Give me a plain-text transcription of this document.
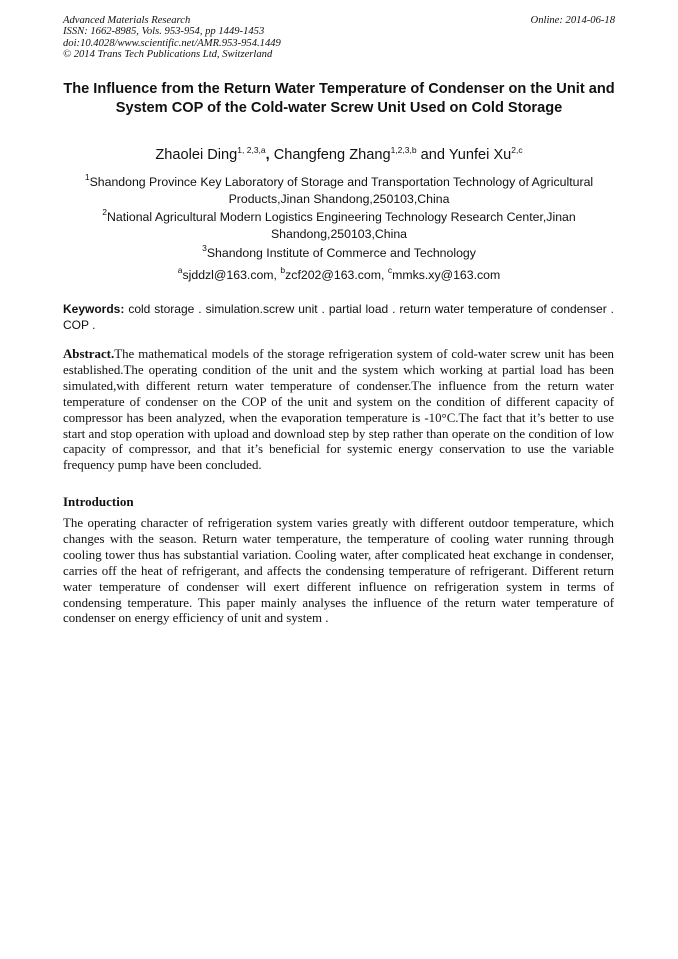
Advanced Materials Research
ISSN: 1662-8985, Vols. 953-954, pp 1449-1453
doi:10.4028/www.scientific.net/AMR.953-954.1449
© 2014 Trans Tech Publications Ltd, Switzerland
Online: 2014-06-18
The Influence from the Return Water Temperature of Condenser on the Unit and System COP of the Cold-water Screw Unit Used on Cold Storage
Zhaolei Ding$^{1, 2,3,a}$, Changfeng Zhang$^{1,2,3,b}$ and Yunfei Xu$^{2,c}$
$^1$Shandong Province Key Laboratory of Storage and Transportation Technology of Agricultural Products,Jinan Shandong,250103,China
$^2$National Agricultural Modern Logistics Engineering Technology Research Center,Jinan Shandong,250103,China
$^3$Shandong Institute of Commerce and Technology
$^a$sjddzl@163.com, $^b$zcf202@163.com, $^c$mmks.xy@163.com
Keywords: cold storage . simulation.screw unit . partial load . return water temperature of condenser . COP .
Abstract.The mathematical models of the storage refrigeration system of cold-water screw unit has been established.The operating condition of the unit and the system which working at partial load has been simulated,with different return water temperature of condenser.The influence from the return water temperature of condenser on the COP of the unit and system on the condition of different capacity of compressor has been analyzed, when the evaporation temperature is -10°C.The fact that it’s better to use start and stop operation with upload and download step by step rather than operate on the condition of low capacity of compressor, and that it’s beneficial for systemic energy conservation to use the variable frequency pump have been concluded.
Introduction
The operating character of refrigeration system varies greatly with different outdoor temperature, which changes with the season. Return water temperature, the temperature of cooling water running through cooling tower thus has substantial variation. Cooling water, after complicated heat exchange in condenser, carries off the heat of refrigerant, and affects the condensing temperature of refrigerant. Different return water temperature of condenser will exert different influence on refrigeration system in terms of condensing temperature. This paper mainly analyses the influence of the return water temperature of condenser on energy efficiency of unit and system .
